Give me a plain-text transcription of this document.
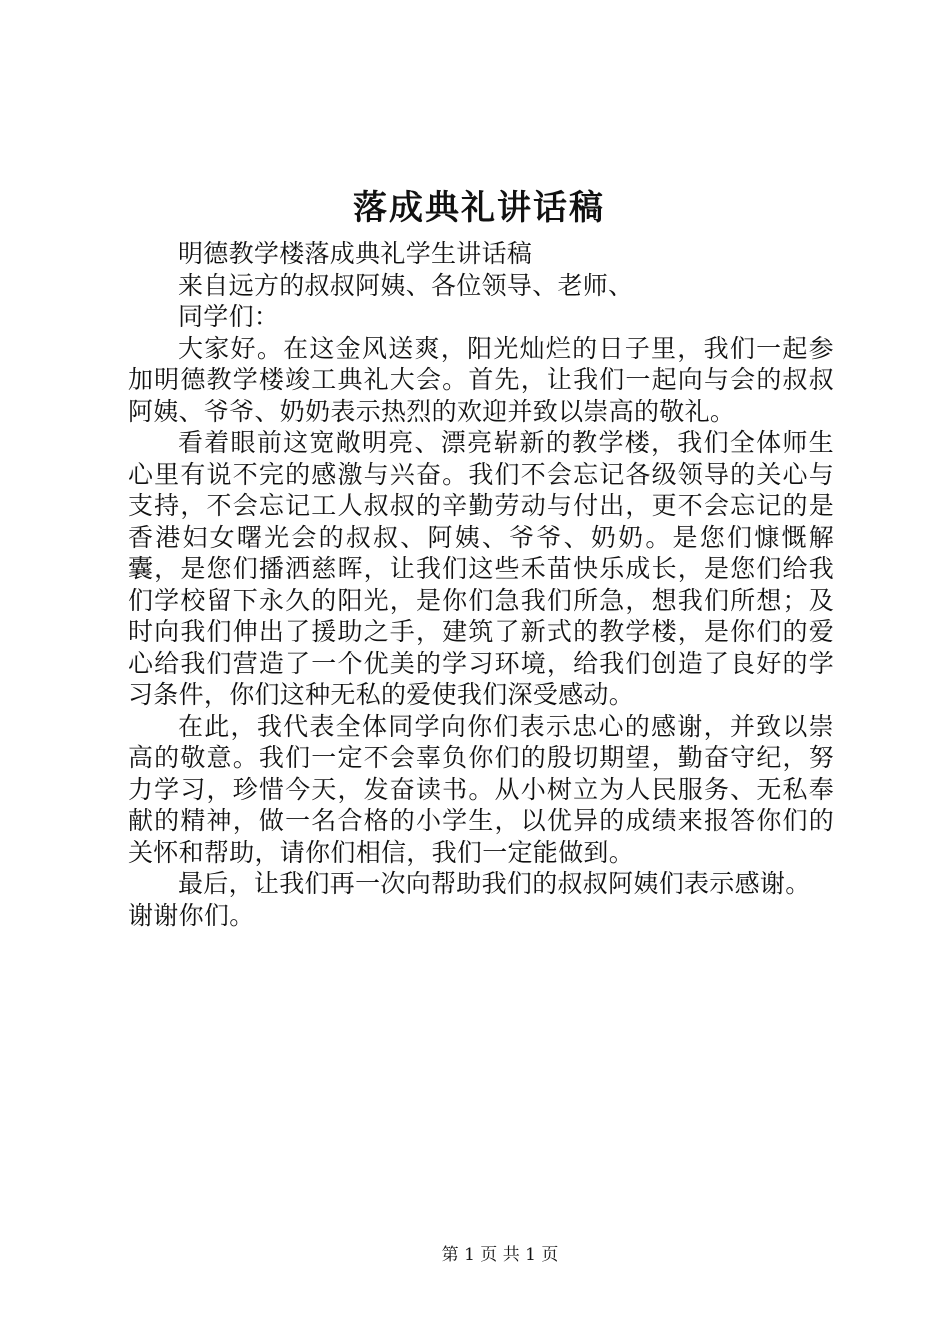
落成典礼讲话稿

明德教学楼落成典礼学生讲话稿

来自远方的叔叔阿姨、各位领导、老师、

同学们：

大家好。在这金风送爽，阳光灿烂的日子里，我们一起参加明德教学楼竣工典礼大会。首先，让我们一起向与会的叔叔阿姨、爷爷、奶奶表示热烈的欢迎并致以崇高的敬礼。

看着眼前这宽敞明亮、漂亮崭新的教学楼，我们全体师生心里有说不完的感激与兴奋。我们不会忘记各级领导的关心与支持，不会忘记工人叔叔的辛勤劳动与付出，更不会忘记的是香港妇女曙光会的叔叔、阿姨、爷爷、奶奶。是您们慷慨解囊，是您们播洒慈晖，让我们这些禾苗快乐成长，是您们给我们学校留下永久的阳光，是你们急我们所急，想我们所想；及时向我们伸出了援助之手，建筑了新式的教学楼，是你们的爱心给我们营造了一个优美的学习环境，给我们创造了良好的学习条件，你们这种无私的爱使我们深受感动。

在此，我代表全体同学向你们表示忠心的感谢，并致以崇高的敬意。我们一定不会辜负你们的殷切期望，勤奋守纪，努力学习，珍惜今天，发奋读书。从小树立为人民服务、无私奉献的精神，做一名合格的小学生，以优异的成绩来报答你们的关怀和帮助，请你们相信，我们一定能做到。

最后，让我们再一次向帮助我们的叔叔阿姨们表示感谢。

谢谢你们。

第 1 页 共 1 页
